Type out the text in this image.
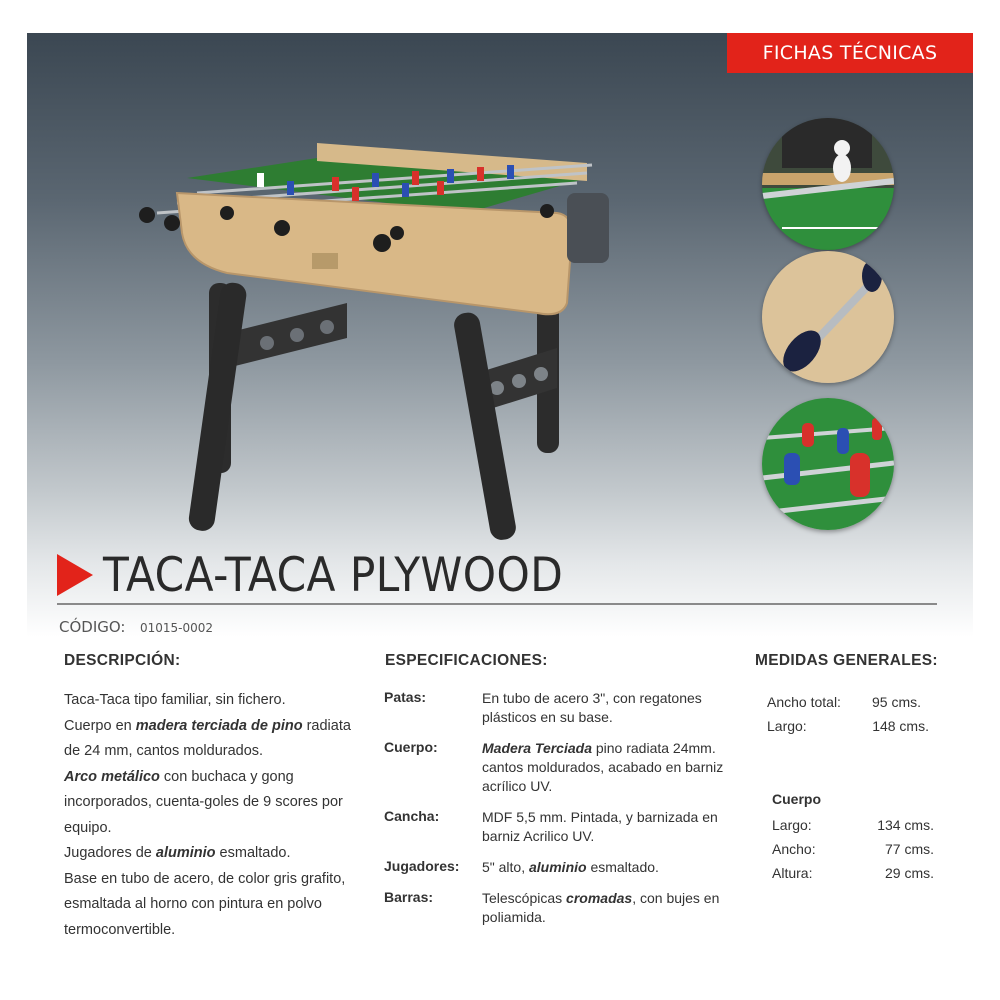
FICHAS TÉCNICAS
TACA-TACA PLYWOOD
CÓDIGO: 01015-0002
DESCRIPCIÓN:	ESPECIFICACIONES:	MEDIDAS GENERALES:
Taca-Taca tipo familiar, sin fichero.
Cuerpo en madera terciada de pino radiata de 24 mm, cantos moldurados.
Arco metálico con buchaca y gong incorporados, cuenta-goles de 9 scores por equipo.
Jugadores de aluminio esmaltado.
Base en tubo de acero, de color gris grafito, esmaltada al horno con pintura en polvo termoconvertible.
Patas:	En tubo de acero 3", con regatones plásticos en su base.
Cuerpo:	Madera Terciada pino radiata 24mm. cantos moldurados, acabado en barniz acrílico UV.
Cancha:	MDF 5,5 mm. Pintada, y barnizada en barniz Acrilico UV.
Jugadores:	5" alto, aluminio esmaltado.
Barras:	Telescópicas cromadas, con bujes en poliamida.
Ancho total:	95 cms.
Largo:	148 cms.
Cuerpo
Largo:	134 cms.
Ancho:	77 cms.
Altura:	29 cms.
